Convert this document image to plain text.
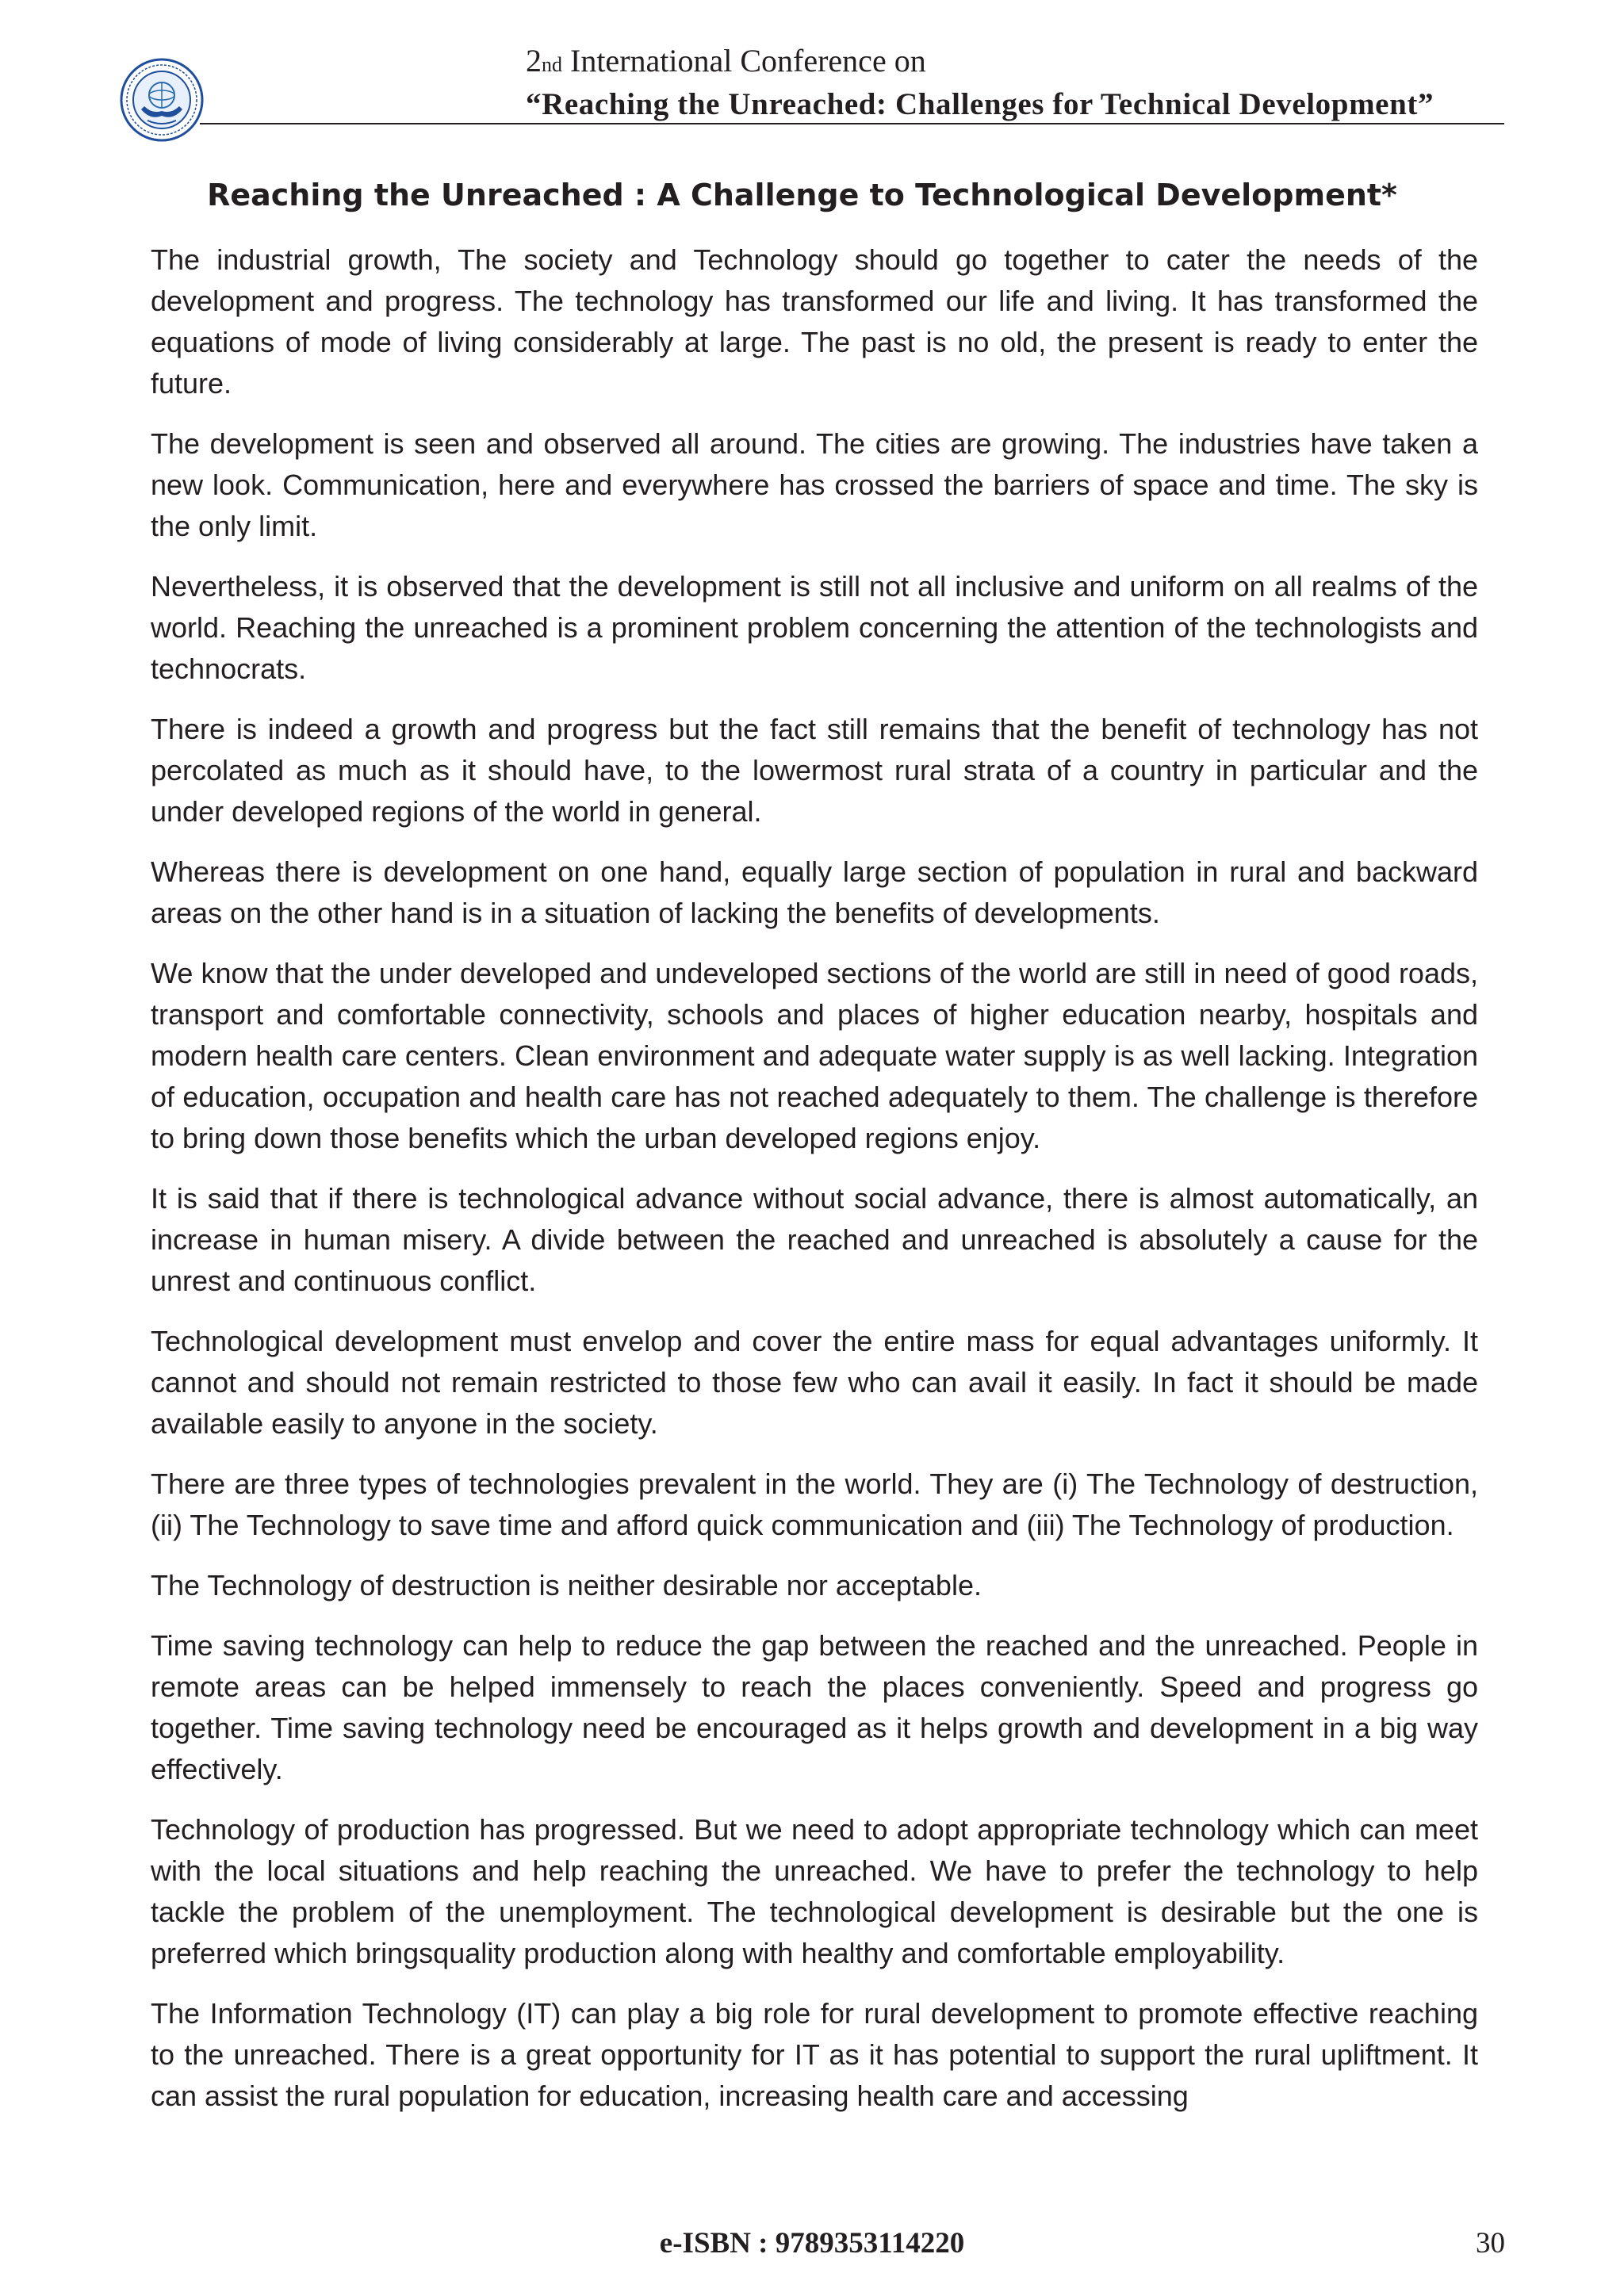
2nd International Conference on
“Reaching the Unreached: Challenges for Technical Development”
Reaching the Unreached : A Challenge to Technological Development*

The industrial growth, The society and Technology should go together to cater the needs of the development and progress. The technology has transformed our life and living. It has transformed the equations of mode of living considerably at large. The past is no old, the present is ready to enter the future.

The development is seen and observed all around. The cities are growing. The industries have taken a new look. Communication, here and everywhere has crossed the barriers of space and time. The sky is the only limit.

Nevertheless, it is observed that the development is still not all inclusive and uniform on all realms of the world. Reaching the unreached is a prominent problem concerning the attention of the technologists and technocrats.

There is indeed a growth and progress but the fact still remains that the benefit of technology has not percolated as much as it should have, to the lowermost rural strata of a country in particular and the under developed regions of the world in general.

Whereas there is development on one hand, equally large section of population in rural and backward areas on the other hand is in a situation of lacking the benefits of developments.

We know that the under developed and undeveloped sections of the world are still in need of good roads, transport and comfortable connectivity, schools and places of higher education nearby, hospitals and modern health care centers. Clean environment and adequate water supply is as well lacking. Integration of education, occupation and health care has not reached adequately to them. The challenge is therefore to bring down those benefits which the urban developed regions enjoy.

It is said that if there is technological advance without social advance, there is almost automatically, an increase in human misery. A divide between the reached and unreached is absolutely a cause for the unrest and continuous conflict.

Technological development must envelop and cover the entire mass for equal advantages uniformly. It cannot and should not remain restricted to those few who can avail it easily. In fact it should be made available easily to anyone in the society.

There are three types of technologies prevalent in the world. They are (i) The Technology of destruction, (ii) The Technology to save time and afford quick communication and (iii) The Technology of production.

The Technology of destruction is neither desirable nor acceptable.

Time saving technology can help to reduce the gap between the reached and the unreached. People in remote areas can be helped immensely to reach the places conveniently. Speed and progress go together. Time saving technology need be encouraged as it helps growth and development in a big way effectively.

Technology of production has progressed. But we need to adopt appropriate technology which can meet with the local situations and help reaching the unreached. We have to prefer the technology to help tackle the problem of the unemployment. The technological development is desirable but the one is preferred which bringsquality production along with healthy and comfortable employability.

The Information Technology (IT) can play a big role for rural development to promote effective reaching to the unreached. There is a great opportunity for IT as it has potential to support the rural upliftment. It can assist the rural population for education, increasing health care and accessing

e-ISBN : 9789353114220	30
